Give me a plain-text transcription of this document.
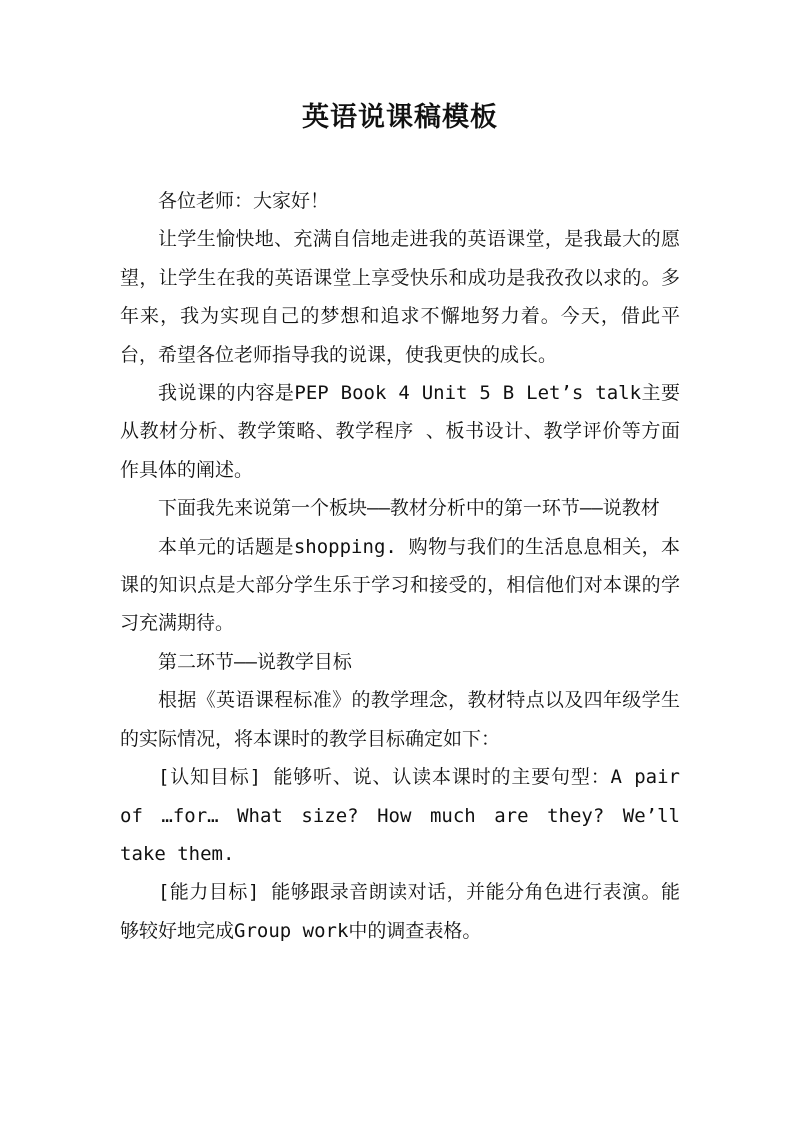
英语说课稿模板

各位老师：大家好！

让学生愉快地、充满自信地走进我的英语课堂，是我最大的愿望，让学生在我的英语课堂上享受快乐和成功是我孜孜以求的。多年来，我为实现自己的梦想和追求不懈地努力着。今天，借此平台，希望各位老师指导我的说课，使我更快的成长。

我说课的内容是PEP Book 4 Unit 5 B Let’s talk主要从教材分析、教学策略、教学程序 、板书设计、教学评价等方面作具体的阐述。

下面我先来说第一个板块——教材分析中的第一环节——说教材

本单元的话题是shopping. 购物与我们的生活息息相关，本课的知识点是大部分学生乐于学习和接受的，相信他们对本课的学习充满期待。

第二环节——说教学目标

根据《英语课程标准》的教学理念，教材特点以及四年级学生的实际情况，将本课时的教学目标确定如下：

[认知目标] 能够听、说、认读本课时的主要句型：A pair of …for… What size? How much are they? We’ll take them.

[能力目标] 能够跟录音朗读对话，并能分角色进行表演。能够较好地完成Group work中的调查表格。
